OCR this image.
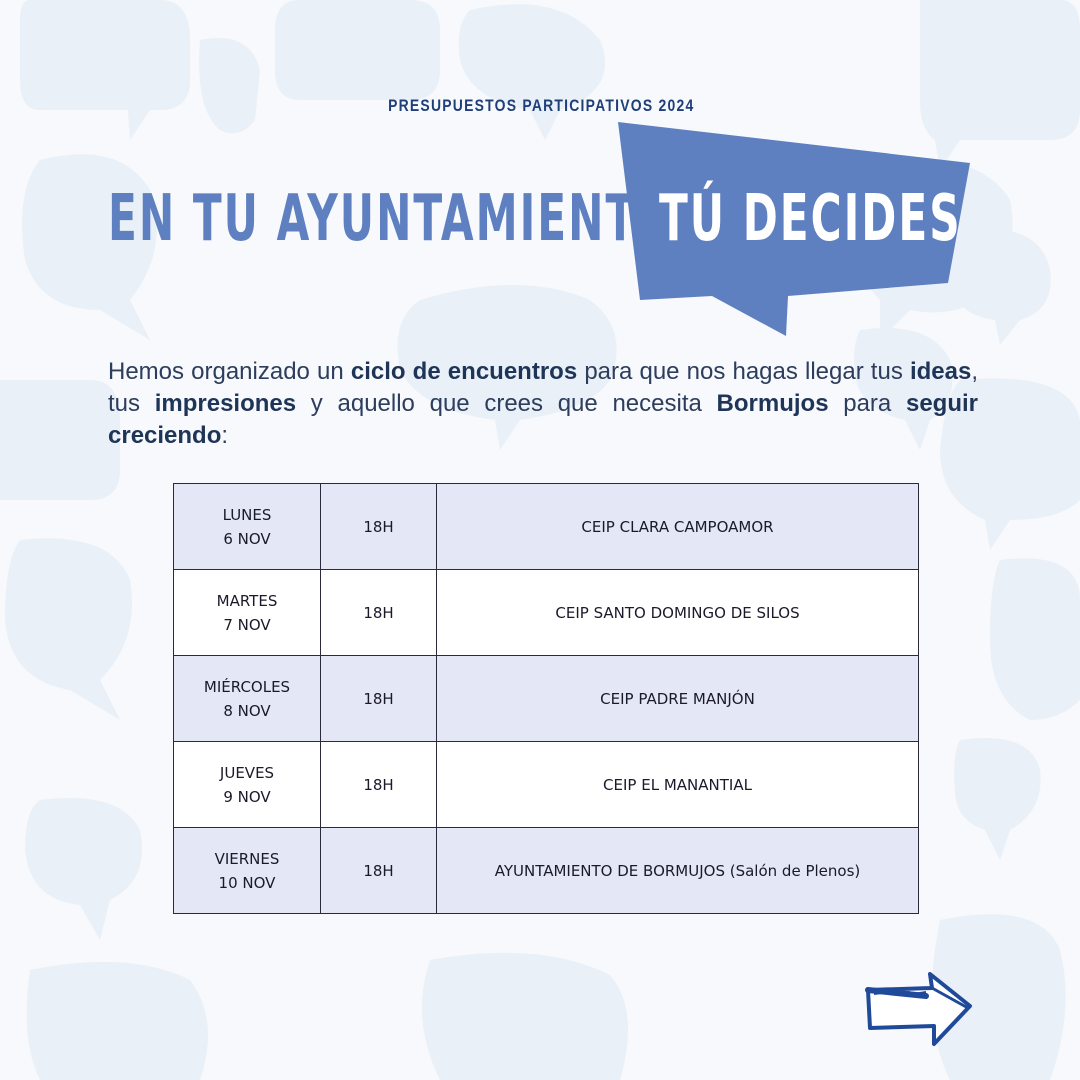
PRESUPUESTOS PARTICIPATIVOS 2024
EN TU AYUNTAMIENTO,
TÚ DECIDES
Hemos organizado un ciclo de encuentros para que nos hagas llegar tus ideas, tus impresiones y aquello que crees que necesita Bormujos para seguir creciendo:
LUNES
6 NOV	18H	CEIP CLARA CAMPOAMOR
MARTES
7 NOV	18H	CEIP SANTO DOMINGO DE SILOS
MIÉRCOLES
8 NOV	18H	CEIP PADRE MANJÓN
JUEVES
9 NOV	18H	CEIP EL MANANTIAL
VIERNES
10 NOV	18H	AYUNTAMIENTO DE BORMUJOS (Salón de Plenos)
